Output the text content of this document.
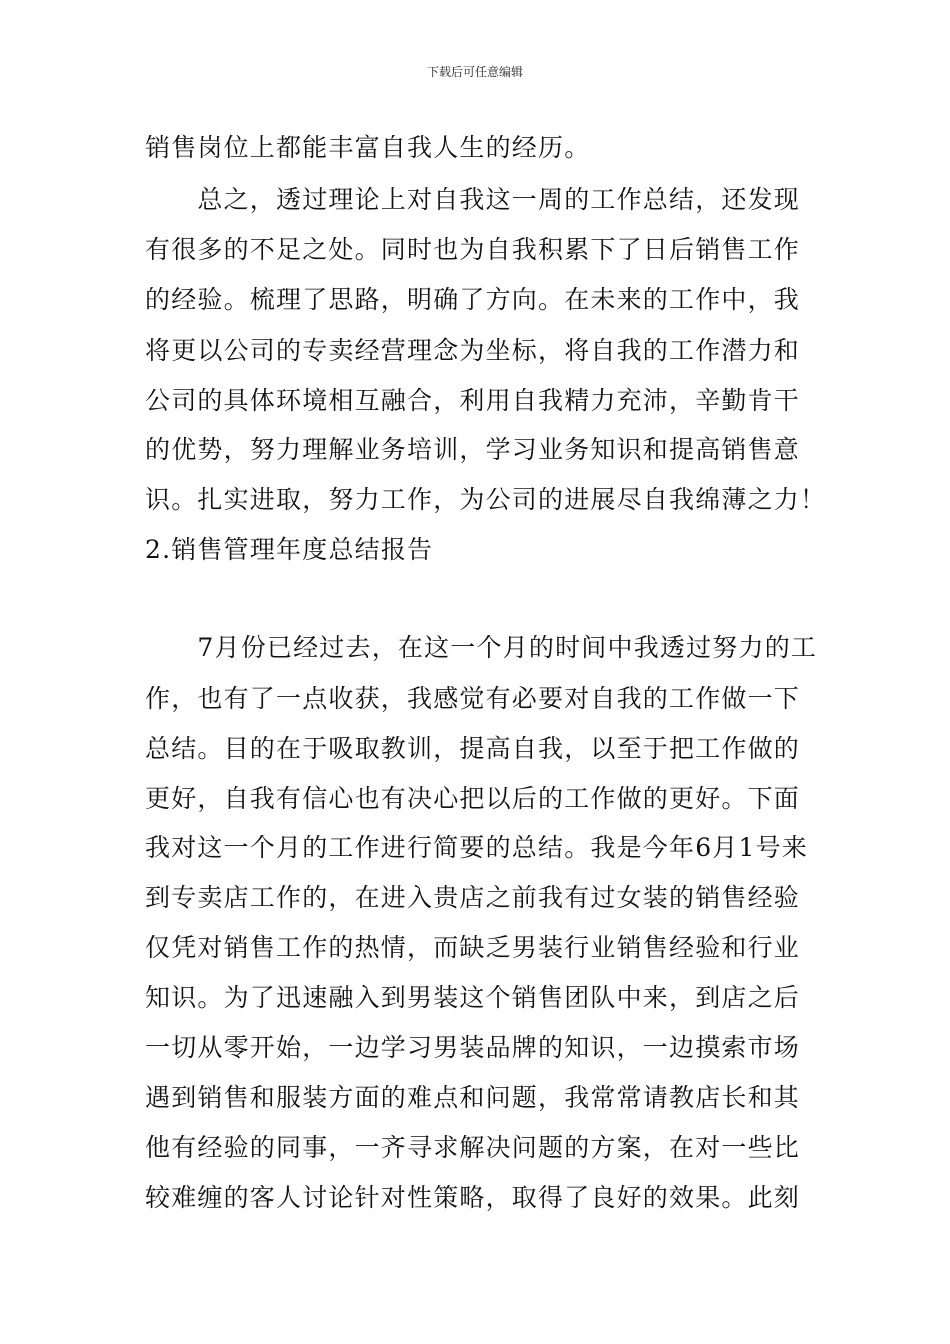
下载后可任意编辑
销售岗位上都能丰富自我人生的经历。
　　总之，透过理论上对自我这一周的工作总结，还发现
有很多的不足之处。同时也为自我积累下了日后销售工作
的经验。梳理了思路，明确了方向。在未来的工作中，我
将更以公司的专卖经营理念为坐标，将自我的工作潜力和
公司的具体环境相互融合，利用自我精力充沛，辛勤肯干
的优势，努力理解业务培训，学习业务知识和提高销售意
识。扎实进取，努力工作，为公司的进展尽自我绵薄之力！
2.销售管理年度总结报告
　　7月份已经过去，在这一个月的时间中我透过努力的工
作，也有了一点收获，我感觉有必要对自我的工作做一下
总结。目的在于吸取教训，提高自我，以至于把工作做的
更好，自我有信心也有决心把以后的工作做的更好。下面
我对这一个月的工作进行简要的总结。我是今年6月1号来
到专卖店工作的，在进入贵店之前我有过女装的销售经验
仅凭对销售工作的热情，而缺乏男装行业销售经验和行业
知识。为了迅速融入到男装这个销售团队中来，到店之后
一切从零开始，一边学习男装品牌的知识，一边摸索市场
遇到销售和服装方面的难点和问题，我常常请教店长和其
他有经验的同事，一齐寻求解决问题的方案，在对一些比
较难缠的客人讨论针对性策略，取得了良好的效果。此刻
